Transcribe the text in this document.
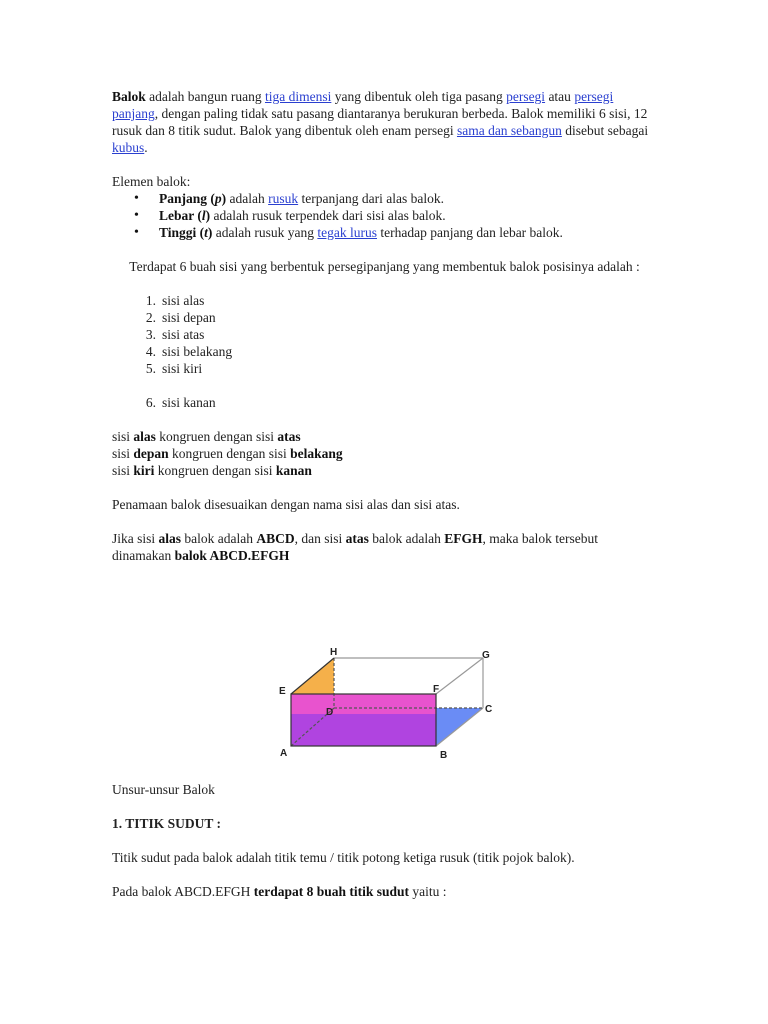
Balok adalah bangun ruang tiga dimensi yang dibentuk oleh tiga pasang persegi atau persegi panjang, dengan paling tidak satu pasang diantaranya berukuran berbeda. Balok memiliki 6 sisi, 12 rusuk dan 8 titik sudut. Balok yang dibentuk oleh enam persegi sama dan sebangun disebut sebagai kubus.

Elemen balok:

• Panjang (p) adalah rusuk terpanjang dari alas balok.
• Lebar (l) adalah rusuk terpendek dari sisi alas balok.
• Tinggi (t) adalah rusuk yang tegak lurus terhadap panjang dan lebar balok.

Terdapat 6 buah sisi yang berbentuk persegipanjang yang membentuk balok posisinya adalah :

1. sisi alas
2. sisi depan
3. sisi atas
4. sisi belakang
5. sisi kiri
6. sisi kanan

sisi alas kongruen dengan sisi atas

sisi depan kongruen dengan sisi belakang

sisi kiri kongruen dengan sisi kanan

Penamaan balok disesuaikan dengan nama sisi alas dan sisi atas.

Jika sisi alas balok adalah ABCD, dan sisi atas balok adalah EFGH, maka balok tersebut dinamakan balok ABCD.EFGH

H	G
E	F
D	C
A	B

Unsur-unsur Balok

1. TITIK SUDUT :

Titik sudut pada balok adalah titik temu / titik potong ketiga rusuk (titik pojok balok).

Pada balok ABCD.EFGH terdapat 8 buah titik sudut yaitu :
